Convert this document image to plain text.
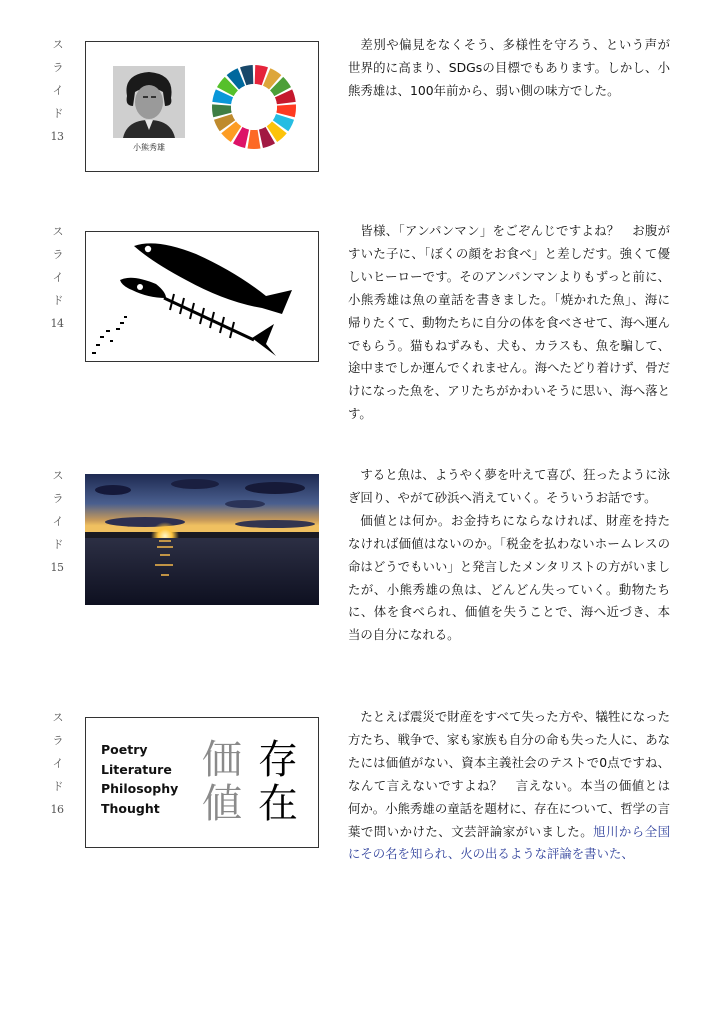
ス
ラ
イ
ド
13
小熊秀雄

差別や偏見をなくそう、多様性を守ろう、という声が世界的に高まり、SDGsの目標でもあります。しかし、小熊秀雄は、100年前から、弱い側の味方でした。

ス
ラ
イ
ド
14

皆様、「アンパンマン」をごぞんじですよね？　お腹がすいた子に、「ぼくの顔をお食べ」と差しだす。強くて優しいヒーローです。そのアンパンマンよりもずっと前に、小熊秀雄は魚の童話を書きました。「焼かれた魚」、海に帰りたくて、動物たちに自分の体を食べさせて、海へ運んでもらう。猫もねずみも、犬も、カラスも、魚を騙して、途中までしか運んでくれません。海へたどり着けず、骨だけになった魚を、アリたちがかわいそうに思い、海へ落とす。

ス
ラ
イ
ド
15

すると魚は、ようやく夢を叶えて喜び、狂ったように泳ぎ回り、やがて砂浜へ消えていく。そういうお話です。

価値とは何か。お金持ちにならなければ、財産を持たなければ価値はないのか。「税金を払わないホームレスの命はどうでもいい」と発言したメンタリストの方がいましたが、小熊秀雄の魚は、どんどん失っていく。動物たちに、体を食べられ、価値を失うことで、海へ近づき、本当の自分になれる。

ス
ラ
イ
ド
16
Poetry
Literature
Philosophy
Thought
価
値
存
在

たとえば震災で財産をすべて失った方や、犠牲になった方たち、戦争で、家も家族も自分の命も失った人に、あなたには価値がない、資本主義社会のテストで0点ですね、なんて言えないですよね？　言えない。本当の価値とは何か。小熊秀雄の童話を題材に、存在について、哲学の言葉で問いかけた、文芸評論家がいました。旭川から全国にその名を知られ、火の出るような評論を書いた、
